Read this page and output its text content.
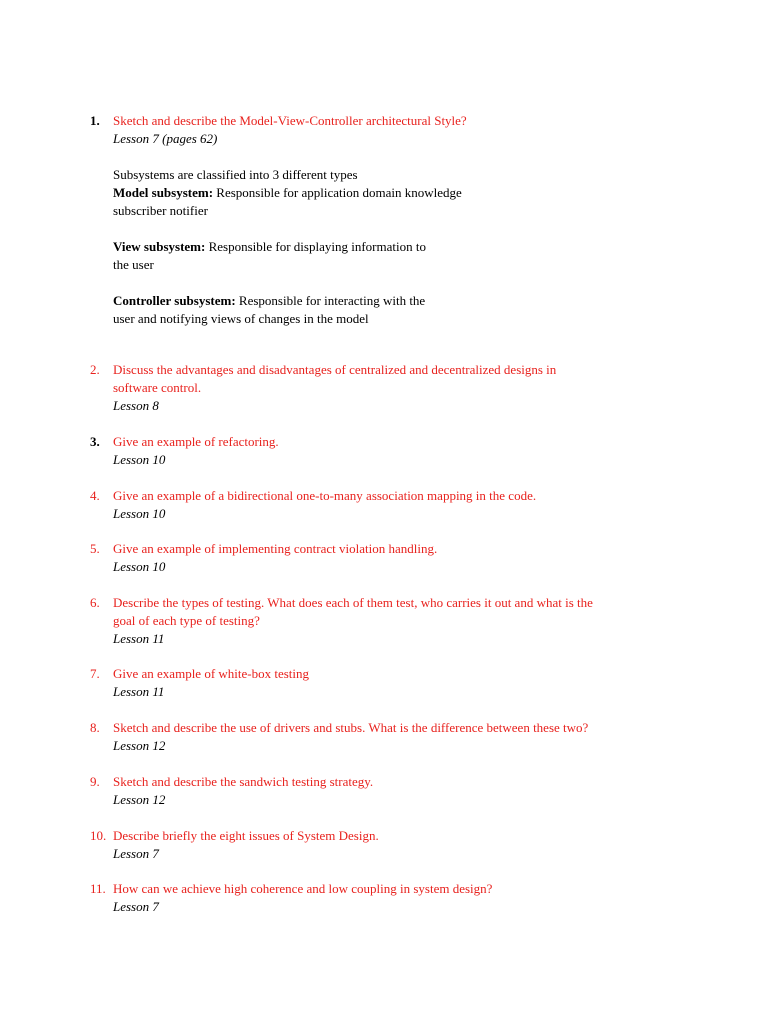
1.	Sketch and describe the Model-View-Controller architectural Style?
Lesson 7 (pages 62)
Subsystems are classified into 3 different types
Model subsystem: Responsible for application domain knowledge
subscriber notifier
View subsystem: Responsible for displaying information to
the user
Controller subsystem: Responsible for interacting with the
user and notifying views of changes in the model
2.	Discuss the advantages and disadvantages of centralized and decentralized designs in
software control.
Lesson 8
3.	Give an example of refactoring.
Lesson 10
4.	Give an example of a bidirectional one-to-many association mapping in the code.
Lesson 10
5.	Give an example of implementing contract violation handling.
Lesson 10
6.	Describe the types of testing. What does each of them test, who carries it out and what is the
goal of each type of testing?
Lesson 11
7.	Give an example of white-box testing
Lesson 11
8.	Sketch and describe the use of drivers and stubs. What is the difference between these two?
Lesson 12
9.	Sketch and describe the sandwich testing strategy.
Lesson 12
10. Describe briefly the eight issues of System Design.
Lesson 7
11. How can we achieve high coherence and low coupling in system design?
Lesson 7
